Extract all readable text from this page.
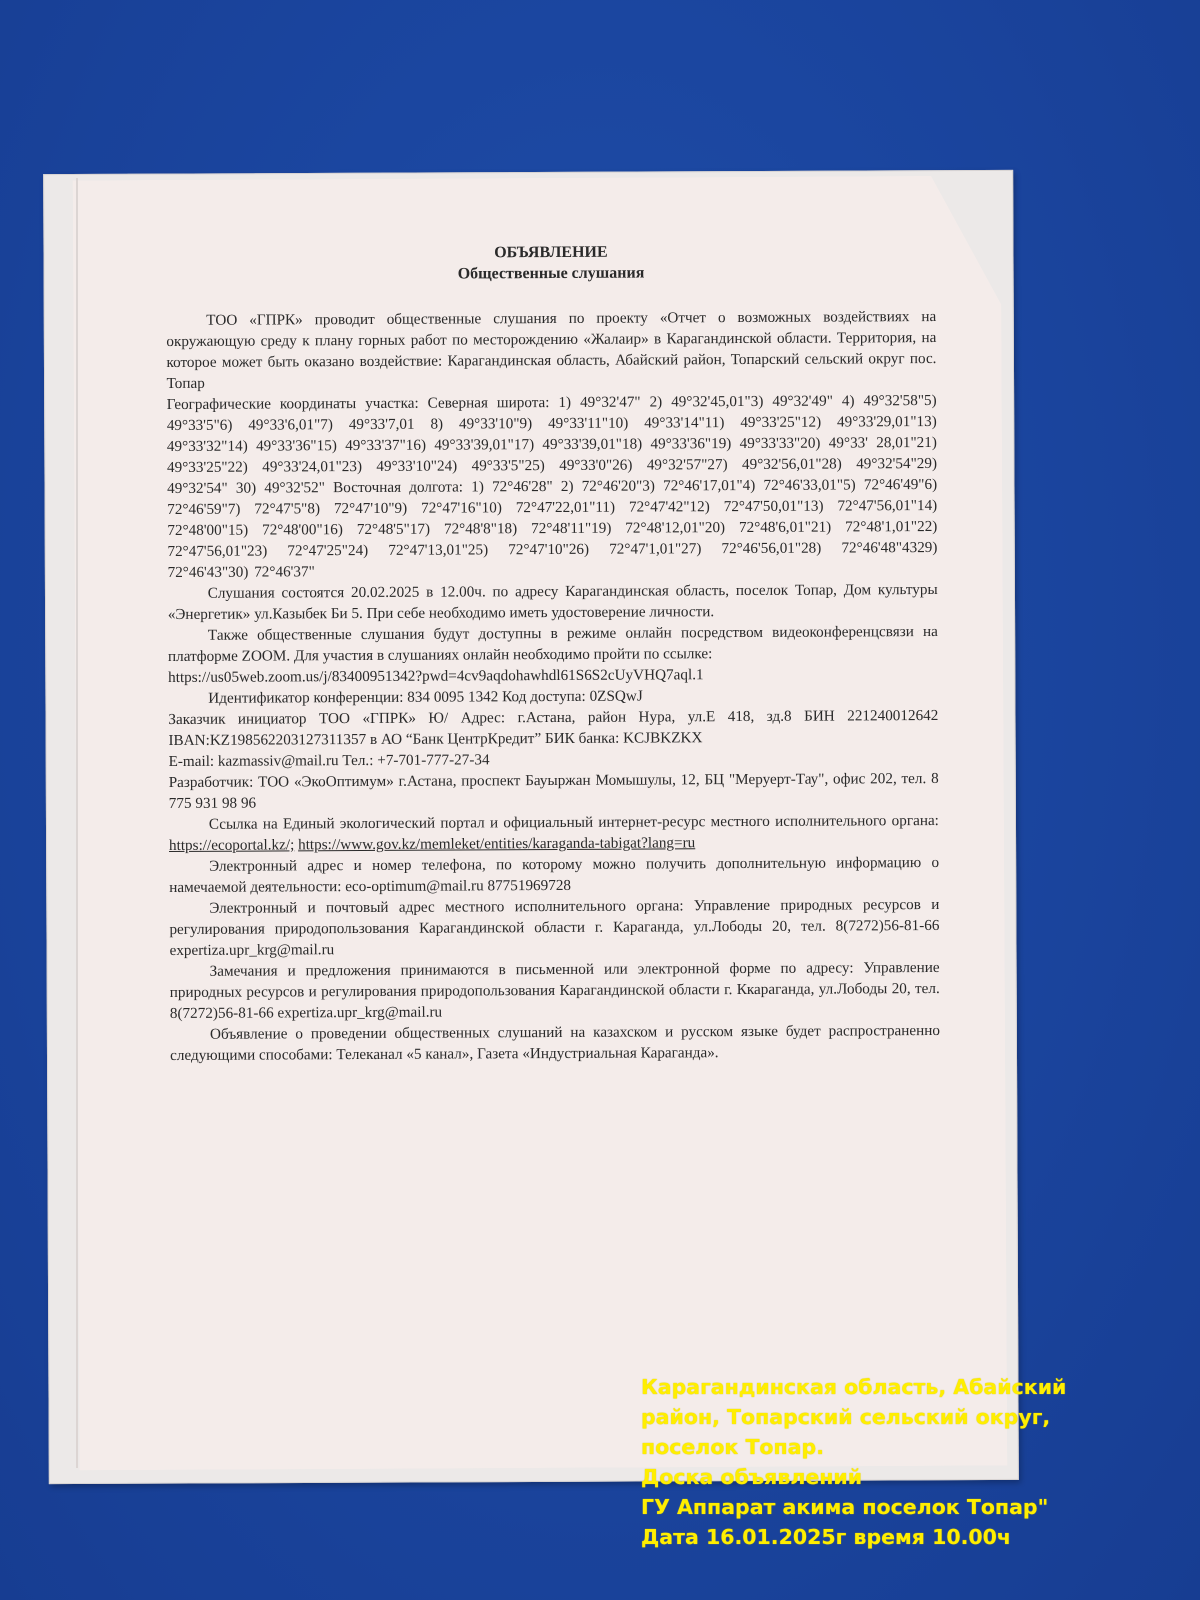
ОБЪЯВЛЕНИЕ
Общественные слушания

ТОО «ГПРК» проводит общественные слушания по проекту «Отчет о возможных воздействиях на окружающую среду к плану горных работ по месторождению «Жалаир» в Карагандинской области. Территория, на которое может быть оказано воздействие: Карагандинская область, Абайский район, Топарский сельский округ пос. Топар

Географические координаты участка: Северная широта: 1) 49°32'47" 2) 49°32'45,01"3) 49°32'49" 4) 49°32'58"5) 49°33'5"6) 49°33'6,01"7) 49°33'7,01 8) 49°33'10"9) 49°33'11"10) 49°33'14"11) 49°33'25"12) 49°33'29,01"13) 49°33'32"14) 49°33'36"15) 49°33'37"16) 49°33'39,01"17) 49°33'39,01"18) 49°33'36"19) 49°33'33"20) 49°33' 28,01"21) 49°33'25"22) 49°33'24,01"23) 49°33'10"24) 49°33'5"25) 49°33'0"26) 49°32'57"27) 49°32'56,01"28) 49°32'54"29) 49°32'54" 30) 49°32'52" Восточная долгота: 1) 72°46'28" 2) 72°46'20"3) 72°46'17,01"4) 72°46'33,01"5) 72°46'49"6) 72°46'59"7) 72°47'5"8) 72°47'10"9) 72°47'16"10) 72°47'22,01"11) 72°47'42"12) 72°47'50,01"13) 72°47'56,01"14) 72°48'00"15) 72°48'00"16) 72°48'5"17) 72°48'8"18) 72°48'11"19) 72°48'12,01"20) 72°48'6,01"21) 72°48'1,01"22) 72°47'56,01"23) 72°47'25"24) 72°47'13,01"25) 72°47'10"26) 72°47'1,01"27) 72°46'56,01"28) 72°46'48"4329) 72°46'43"30) 72°46'37"

Слушания состоятся 20.02.2025 в 12.00ч. по адресу Карагандинская область, поселок Топар, Дом культуры «Энергетик» ул.Казыбек Би 5. При себе необходимо иметь удостоверение личности.

Также общественные слушания будут доступны в режиме онлайн посредством видеоконференцсвязи на платформе ZOOM. Для участия в слушаниях онлайн необходимо пройти по ссылке:

https://us05web.zoom.us/j/83400951342?pwd=4cv9aqdohawhdl61S6S2cUyVHQ7aql.1

Идентификатор конференции: 834 0095 1342 Код доступа: 0ZSQwJ

Заказчик инициатор ТОО «ГПРК» Ю/ Адрес: г.Астана, район Нура, ул.Е 418, зд.8 БИН 221240012642 IBAN:KZ198562203127311357 в АО “Банк ЦентрКредит” БИК банка: KCJBKZKX

E-mail: kazmassiv@mail.ru Тел.: +7-701-777-27-34

Разработчик: ТОО «ЭкоОптимум» г.Астана, проспект Бауыржан Момышулы, 12, БЦ "Меруерт-Тау", офис 202, тел. 8 775 931 98 96

Ссылка на Единый экологический портал и официальный интернет-ресурс местного исполнительного органа: https://ecoportal.kz/; https://www.gov.kz/memleket/entities/karaganda-tabigat?lang=ru

Электронный адрес и номер телефона, по которому можно получить дополнительную информацию о намечаемой деятельности: eco-optimum@mail.ru 87751969728

Электронный и почтовый адрес местного исполнительного органа: Управление природных ресурсов и регулирования природопользования Карагандинской области г. Караганда, ул.Лободы 20, тел. 8(7272)56-81-66 expertiza.upr_krg@mail.ru

Замечания и предложения принимаются в письменной или электронной форме по адресу: Управление природных ресурсов и регулирования природопользования Карагандинской области г. Ккараганда, ул.Лободы 20, тел. 8(7272)56-81-66 expertiza.upr_krg@mail.ru

Объявление о проведении общественных слушаний на казахском и русском языке будет распространенно следующими способами: Телеканал «5 канал», Газета «Индустриальная Караганда».

Карагандинская область, Абайский
район, Топарский сельский округ,
поселок Топар.
Доска объявлений
ГУ Аппарат акима поселок Топар"
Дата 16.01.2025г время 10.00ч
